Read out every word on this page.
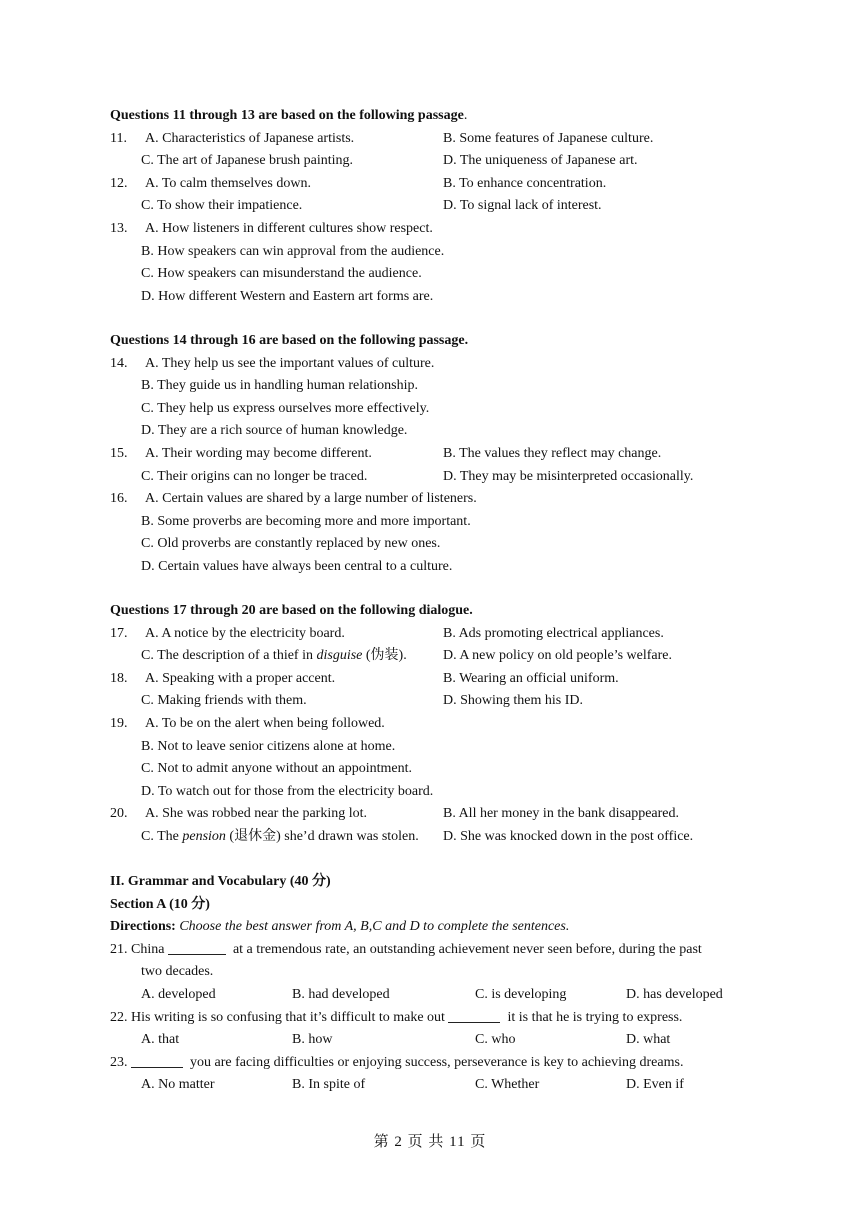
Questions 11 through 13 are based on the following passage.
11. A. Characteristics of Japanese artists.	B. Some features of Japanese culture.
C. The art of Japanese brush painting.	D. The uniqueness of Japanese art.
12. A. To calm themselves down.	B. To enhance concentration.
C. To show their impatience.	D. To signal lack of interest.
13. A. How listeners in different cultures show respect.
B. How speakers can win approval from the audience.
C. How speakers can misunderstand the audience.
D. How different Western and Eastern art forms are.
Questions 14 through 16 are based on the following passage.
14. A. They help us see the important values of culture.
B. They guide us in handling human relationship.
C. They help us express ourselves more effectively.
D. They are a rich source of human knowledge.
15. A. Their wording may become different.	B. The values they reflect may change.
C. Their origins can no longer be traced.	D. They may be misinterpreted occasionally.
16. A. Certain values are shared by a large number of listeners.
B. Some proverbs are becoming more and more important.
C. Old proverbs are constantly replaced by new ones.
D. Certain values have always been central to a culture.
Questions 17 through 20 are based on the following dialogue.
17. A. A notice by the electricity board.	B. Ads promoting electrical appliances.
C. The description of a thief in disguise (伪装).	D. A new policy on old people’s welfare.
18. A. Speaking with a proper accent.	B. Wearing an official uniform.
C. Making friends with them.	D. Showing them his ID.
19. A. To be on the alert when being followed.
B. Not to leave senior citizens alone at home.
C. Not to admit anyone without an appointment.
D. To watch out for those from the electricity board.
20. A. She was robbed near the parking lot.	B. All her money in the bank disappeared.
C. The pension (退休金) she’d drawn was stolen. D. She was knocked down in the post office.
II. Grammar and Vocabulary (40 分)
Section A (10 分)
Directions: Choose the best answer from A, B,C and D to complete the sentences.
21. China	at a tremendous rate, an outstanding achievement never seen before, during the past
two decades.
A. developed	B. had developed	C. is developing	D. has developed
22. His writing is so confusing that it’s difficult to make out	it is that he is trying to express.
A. that	B. how	C. who	D. what
23.	you are facing difficulties or enjoying success, perseverance is key to achieving dreams.
A. No matter	B. In spite of	C. Whether	D. Even if
第 2 页 共 11 页
